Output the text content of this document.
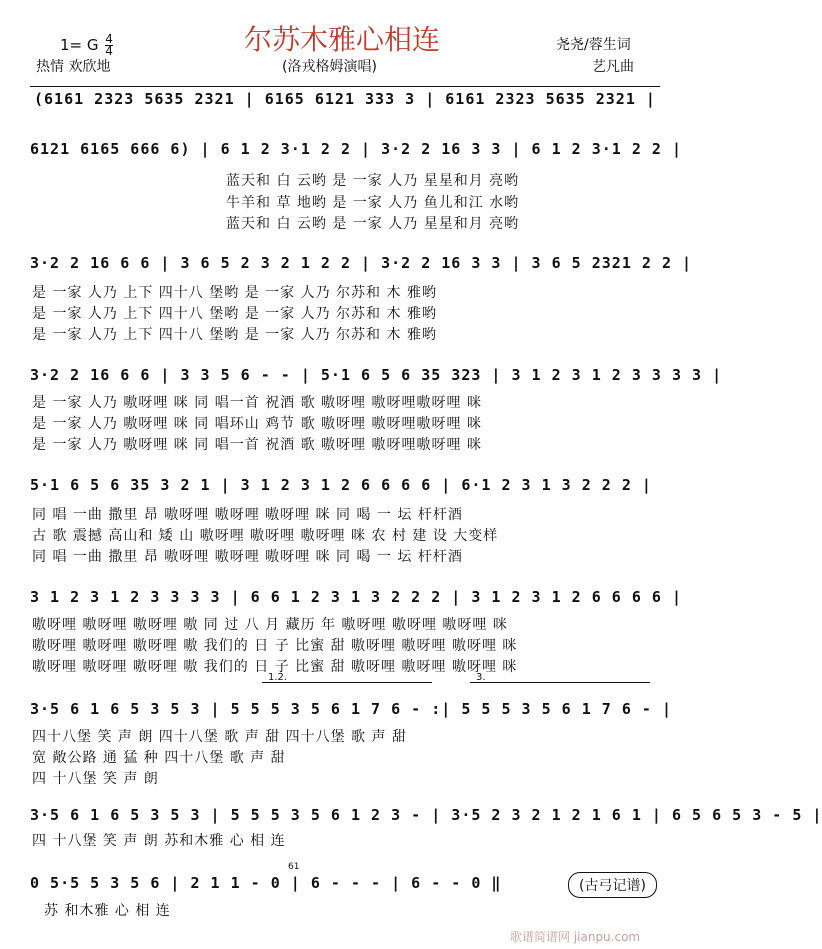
尔苏木雅心相连
1= G $\frac{4}{4}$
热情 欢欣地	(洛戎格姆演唱)
尧尧/蓉生词
艺凡曲
(6161 2323 5635 2321 | 6165 6121 333 3 | 6161 2323 5635 2321 |
6121 6165 666 6) | 6 1 2 3·1 2 2 | 3·2 2 16 3 3 | 6 1 2 3·1 2 2 |
蓝天和 白 云哟 是 一家 人乃 星星和月 亮哟
牛羊和 草 地哟 是 一家 人乃 鱼儿和江 水哟
蓝天和 白 云哟 是 一家 人乃 星星和月 亮哟
3·2 2 16 6 6 | 3 6 5 2 3 2 1 2 2 | 3·2 2 16 3 3 | 3 6 5 2321 2 2 |
是 一家 人乃 上下 四十八 堡哟 是 一家 人乃 尔苏和 木 雅哟
是 一家 人乃 上下 四十八 堡哟 是 一家 人乃 尔苏和 木 雅哟
是 一家 人乃 上下 四十八 堡哟 是 一家 人乃 尔苏和 木 雅哟
3·2 2 16 6 6 | 3 3 5 6 - - | 5·1 6 5 6 35 323 | 3 1 2 3 1 2 3 3 3 3 |
是 一家 人乃 嗷呀哩 咪 同 唱一首 祝酒 歌 嗷呀哩 嗷呀哩嗷呀哩 咪
是 一家 人乃 嗷呀哩 咪 同 唱环山 鸡节 歌 嗷呀哩 嗷呀哩嗷呀哩 咪
是 一家 人乃 嗷呀哩 咪 同 唱一首 祝酒 歌 嗷呀哩 嗷呀哩嗷呀哩 咪
5·1 6 5 6 35 3 2 1 | 3 1 2 3 1 2 6 6 6 6 | 6·1 2 3 1 3 2 2 2 |
同 唱 一曲 撒里 昂 嗷呀哩 嗷呀哩 嗷呀哩 咪 同 喝 一 坛 杆杆酒
古 歌 震撼 高山和 矮 山 嗷呀哩 嗷呀哩 嗷呀哩 咪 农 村 建 设 大变样
同 唱 一曲 撒里 昂 嗷呀哩 嗷呀哩 嗷呀哩 咪 同 喝 一 坛 杆杆酒
3 1 2 3 1 2 3 3 3 3 | 6 6 1 2 3 1 3 2 2 2 | 3 1 2 3 1 2 6 6 6 6 |
嗷呀哩 嗷呀哩 嗷呀哩 嗷 同 过 八 月 藏历 年 嗷呀哩 嗷呀哩 嗷呀哩 咪
嗷呀哩 嗷呀哩 嗷呀哩 嗷 我们的 日 子 比蜜 甜 嗷呀哩 嗷呀哩 嗷呀哩 咪
嗷呀哩 嗷呀哩 嗷呀哩 嗷 我们的 日 子 比蜜 甜 嗷呀哩 嗷呀哩 嗷呀哩 咪
1.2.	3.
3·5 6 1 6 5 3 5 3 | 5 5 5 3 5 6 1 7 6 - :| 5 5 5 3 5 6 1 7 6 - |
四十八堡 笑 声 朗 四十八堡 歌 声 甜 四十八堡 歌 声 甜
宽 敞公路 通 猛 种 四十八堡 歌 声 甜
四 十八堡 笑 声 朗
3·5 6 1 6 5 3 5 3 | 5 5 5 3 5 6 1 2 3 - | 3·5 2 3 2 1 2 1 6 1 | 6 5 6 5 3 - 5 |
四 十八堡 笑 声 朗 苏和木雅 心 相 连
61
0 5·5 5 3 5 6 | 2 1 1 - 0 | 6 - - - | 6 - - 0 ‖
苏 和木雅 心 相 连
(古弓记谱)
歌谱简谱网 jianpu.com
